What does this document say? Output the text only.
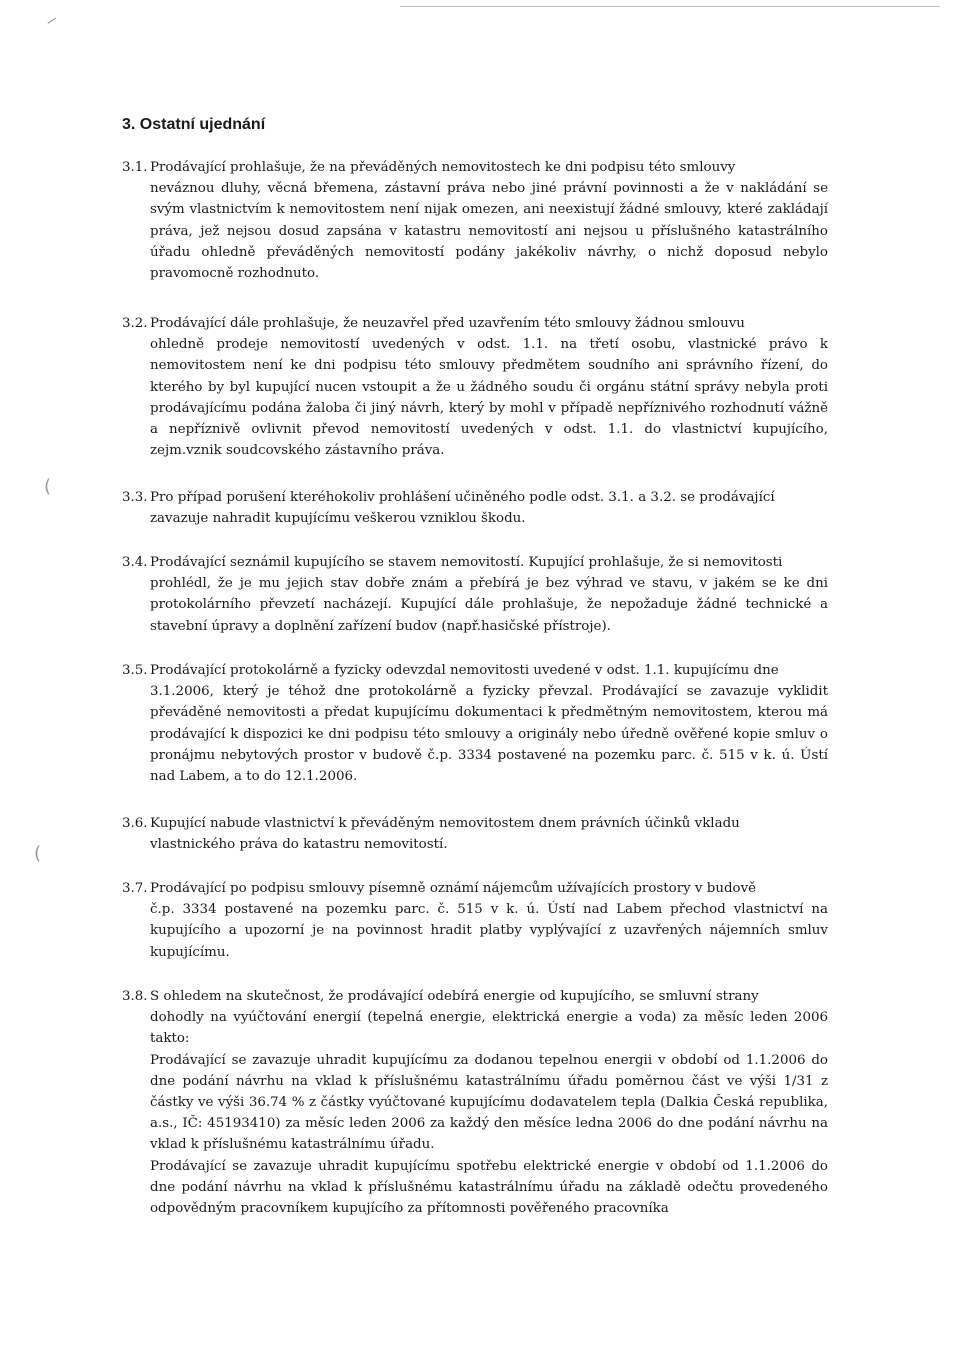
⸝
3. Ostatní ujednání
(
(
3.1. Prodávající prohlašuje, že na převáděných nemovitostech ke dni podpisu této smlouvy

neváznou dluhy, věcná břemena, zástavní práva nebo jiné právní povinnosti a že v nakládání se svým vlastnictvím k nemovitostem není nijak omezen, ani neexistují žádné smlouvy, které zakládají práva, jež nejsou dosud zapsána v katastru nemovitostí ani nejsou u příslušného katastrálního úřadu ohledně převáděných nemovitostí podány jakékoliv návrhy, o nichž doposud nebylo pravomocně rozhodnuto.

3.2. Prodávající dále prohlašuje, že neuzavřel před uzavřením této smlouvy žádnou smlouvu

ohledně prodeje nemovitostí uvedených v odst. 1.1. na třetí osobu, vlastnické právo k nemovitostem není ke dni podpisu této smlouvy předmětem soudního ani správního řízení, do kterého by byl kupující nucen vstoupit a že u žádného soudu či orgánu státní správy nebyla proti prodávajícímu podána žaloba či jiný návrh, který by mohl v případě nepříznivého rozhodnutí vážně a nepříznivě ovlivnit převod nemovitostí uvedených v odst. 1.1. do vlastnictví kupujícího, zejm.vznik soudcovského zástavního práva.

3.3. Pro případ porušení kteréhokoliv prohlášení učiněného podle odst. 3.1. a 3.2. se prodávající

zavazuje nahradit kupujícímu veškerou vzniklou škodu.

3.4. Prodávající seznámil kupujícího se stavem nemovitostí. Kupující prohlašuje, že si nemovitosti

prohlédl, že je mu jejich stav dobře znám a přebírá je bez výhrad ve stavu, v jakém se ke dni protokolárního převzetí nacházejí. Kupující dále prohlašuje, že nepožaduje žádné technické a stavební úpravy a doplnění zařízení budov (např.hasičské přístroje).

3.5. Prodávající protokolárně a fyzicky odevzdal nemovitosti uvedené v odst. 1.1. kupujícímu dne

3.1.2006, který je téhož dne protokolárně a fyzicky převzal. Prodávající se zavazuje vyklidit převáděné nemovitosti a předat kupujícímu dokumentaci k předmětným nemovitostem, kterou má prodávající k dispozici ke dni podpisu této smlouvy a originály nebo úředně ověřené kopie smluv o pronájmu nebytových prostor v budově č.p. 3334 postavené na pozemku parc. č. 515 v k. ú. Ústí nad Labem, a to do 12.1.2006.

3.6. Kupující nabude vlastnictví k převáděným nemovitostem dnem právních účinků vkladu

vlastnického práva do katastru nemovitostí.

3.7. Prodávající po podpisu smlouvy písemně oznámí nájemcům užívajících prostory v budově

č.p. 3334 postavené na pozemku parc. č. 515 v k. ú. Ústí nad Labem přechod vlastnictví na kupujícího a upozorní je na povinnost hradit platby vyplývající z uzavřených nájemních smluv kupujícímu.

3.8. S ohledem na skutečnost, že prodávající odebírá energie od kupujícího, se smluvní strany

dohodly na vyúčtování energií (tepelná energie, elektrická energie a voda) za měsíc leden 2006 takto:

Prodávající se zavazuje uhradit kupujícímu za dodanou tepelnou energii v období od 1.1.2006 do dne podání návrhu na vklad k příslušnému katastrálnímu úřadu poměrnou část ve výši 1/31 z částky ve výši 36.74 % z částky vyúčtované kupujícímu dodavatelem tepla (Dalkia Česká republika, a.s., IČ: 45193410) za měsíc leden 2006 za každý den měsíce ledna 2006 do dne podání návrhu na vklad k příslušnému katastrálnímu úřadu.

Prodávající se zavazuje uhradit kupujícímu spotřebu elektrické energie v období od 1.1.2006 do dne podání návrhu na vklad k příslušnému katastrálnímu úřadu na základě odečtu provedeného odpovědným pracovníkem kupujícího za přítomnosti pověřeného pracovníka
